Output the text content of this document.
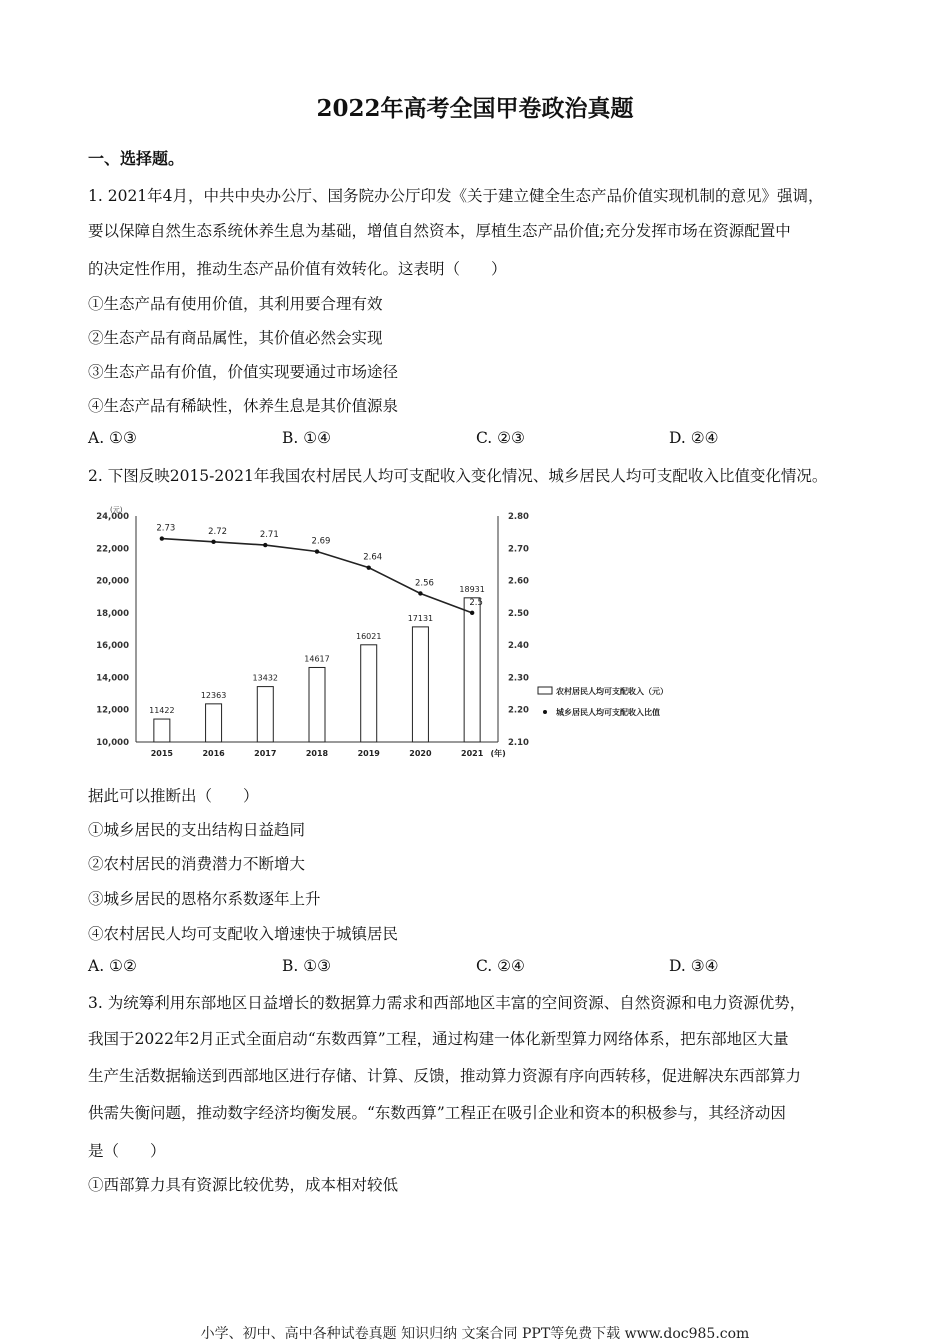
2022年高考全国甲卷政治真题
一、选择题。
1. 2021年4月，中共中央办公厅、国务院办公厅印发《关于建立健全生态产品价值实现机制的意见》强调，
要以保障自然生态系统休养生息为基础，增值自然资本，厚植生态产品价值;充分发挥市场在资源配置中
的决定性作用，推动生态产品价值有效转化。这表明（　　）
①生态产品有使用价值，其利用要合理有效
②生态产品有商品属性，其价值必然会实现
③生态产品有价值，价值实现要通过市场途径
④生态产品有稀缺性，休养生息是其价值源泉
A. ①③	B. ①④	C. ②③	D. ②④
2. 下图反映2015-2021年我国农村居民人均可支配收入变化情况、城乡居民人均可支配收入比值变化情况。
10,000
12,000
14,000
16,000
18,000
20,000
22,000
24,000
(元)
2.10
2.20
2.30
2.40
2.50
2.60
2.70
2.80
2015	2016	2017	2018	2019	2020	2021 (年)
11422
12363
13432
14617
16021
17131
18931
2.73	2.72	2.71
2.69
2.64
2.56
2.5
农村居民人均可支配收入（元）
城乡居民人均可支配收入比值
据此可以推断出（　　）
①城乡居民的支出结构日益趋同
②农村居民的消费潜力不断增大
③城乡居民的恩格尔系数逐年上升
④农村居民人均可支配收入增速快于城镇居民
A. ①②	B. ①③	C. ②④	D. ③④
3. 为统筹利用东部地区日益增长的数据算力需求和西部地区丰富的空间资源、自然资源和电力资源优势，
我国于2022年2月正式全面启动“东数西算”工程，通过构建一体化新型算力网络体系，把东部地区大量
生产生活数据输送到西部地区进行存储、计算、反馈，推动算力资源有序向西转移，促进解决东西部算力
供需失衡问题，推动数字经济均衡发展。“东数西算”工程正在吸引企业和资本的积极参与，其经济动因
是（　　）
①西部算力具有资源比较优势，成本相对较低
小学、初中、高中各种试卷真题 知识归纳 文案合同 PPT等免费下载 www.doc985.com
